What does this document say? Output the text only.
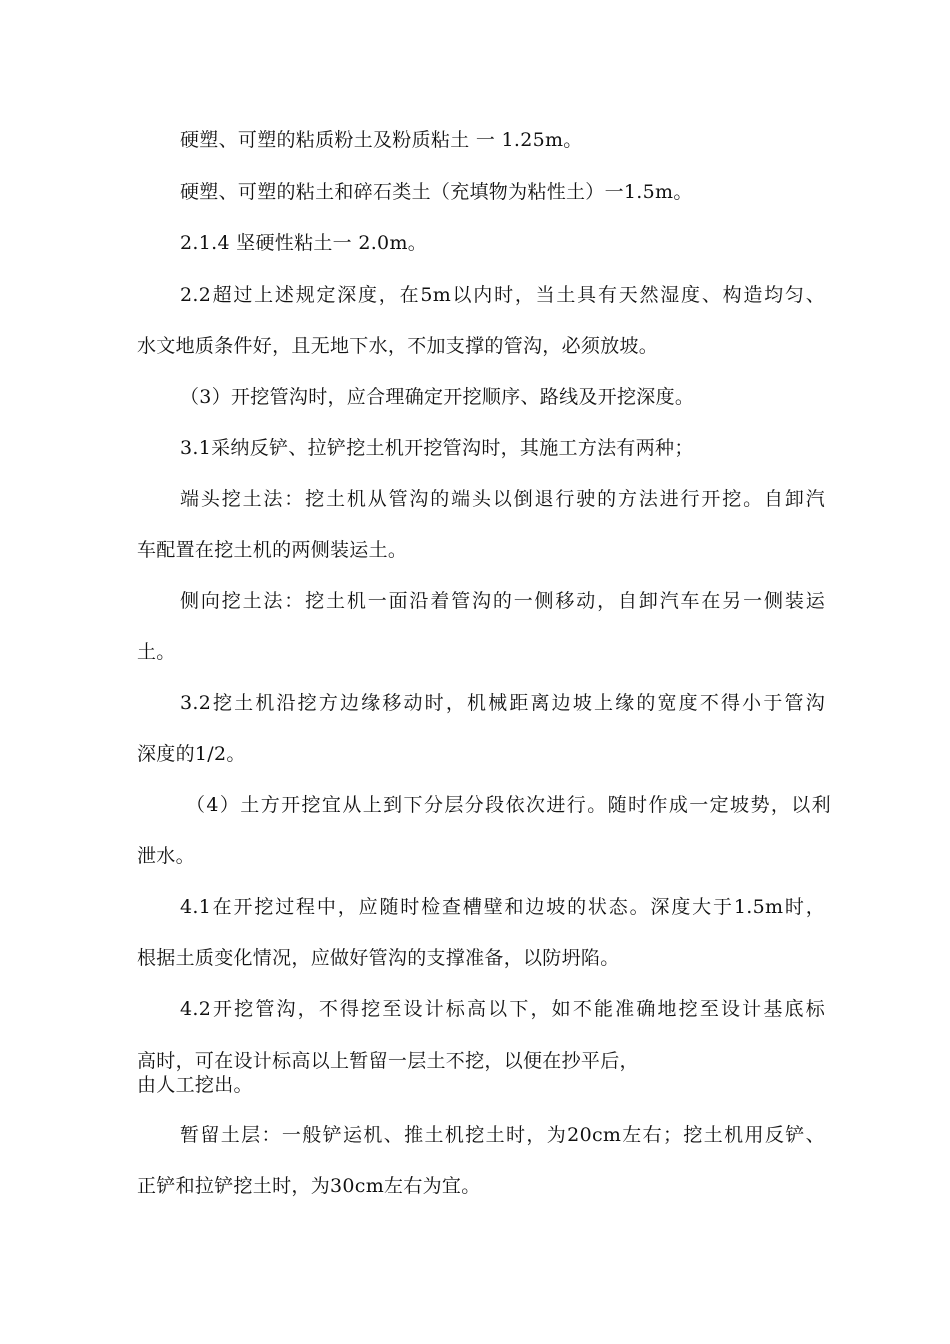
硬塑、可塑的粘质粉土及粉质粘土 一 1.25m。
硬塑、可塑的粘土和碎石类土（充填物为粘性土）一1.5m。
2.1.4 坚硬性粘土一 2.0m。
2.2超过上述规定深度，在5m以内时，当土具有天然湿度、构造均匀、
水文地质条件好，且无地下水，不加支撑的管沟，必须放坡。
（3）开挖管沟时，应合理确定开挖顺序、路线及开挖深度。
3.1采纳反铲、拉铲挖土机开挖管沟时，其施工方法有两种；
端头挖土法：挖土机从管沟的端头以倒退行驶的方法进行开挖。自卸汽
车配置在挖土机的两侧装运土。
侧向挖土法：挖土机一面沿着管沟的一侧移动，自卸汽车在另一侧装运
土。
3.2挖土机沿挖方边缘移动时，机械距离边坡上缘的宽度不得小于管沟
深度的1/2。
（4）土方开挖宜从上到下分层分段依次进行。随时作成一定坡势，以利
泄水。
4.1在开挖过程中，应随时检查槽壁和边坡的状态。深度大于1.5m时，
根据土质变化情况，应做好管沟的支撑准备，以防坍陷。
4.2开挖管沟，不得挖至设计标高以下，如不能准确地挖至设计基底标
高时，可在设计标高以上暂留一层土不挖，以便在抄平后，
由人工挖出。
暂留土层：一般铲运机、推土机挖土时，为20cm左右；挖土机用反铲、
正铲和拉铲挖土时，为30cm左右为宜。
